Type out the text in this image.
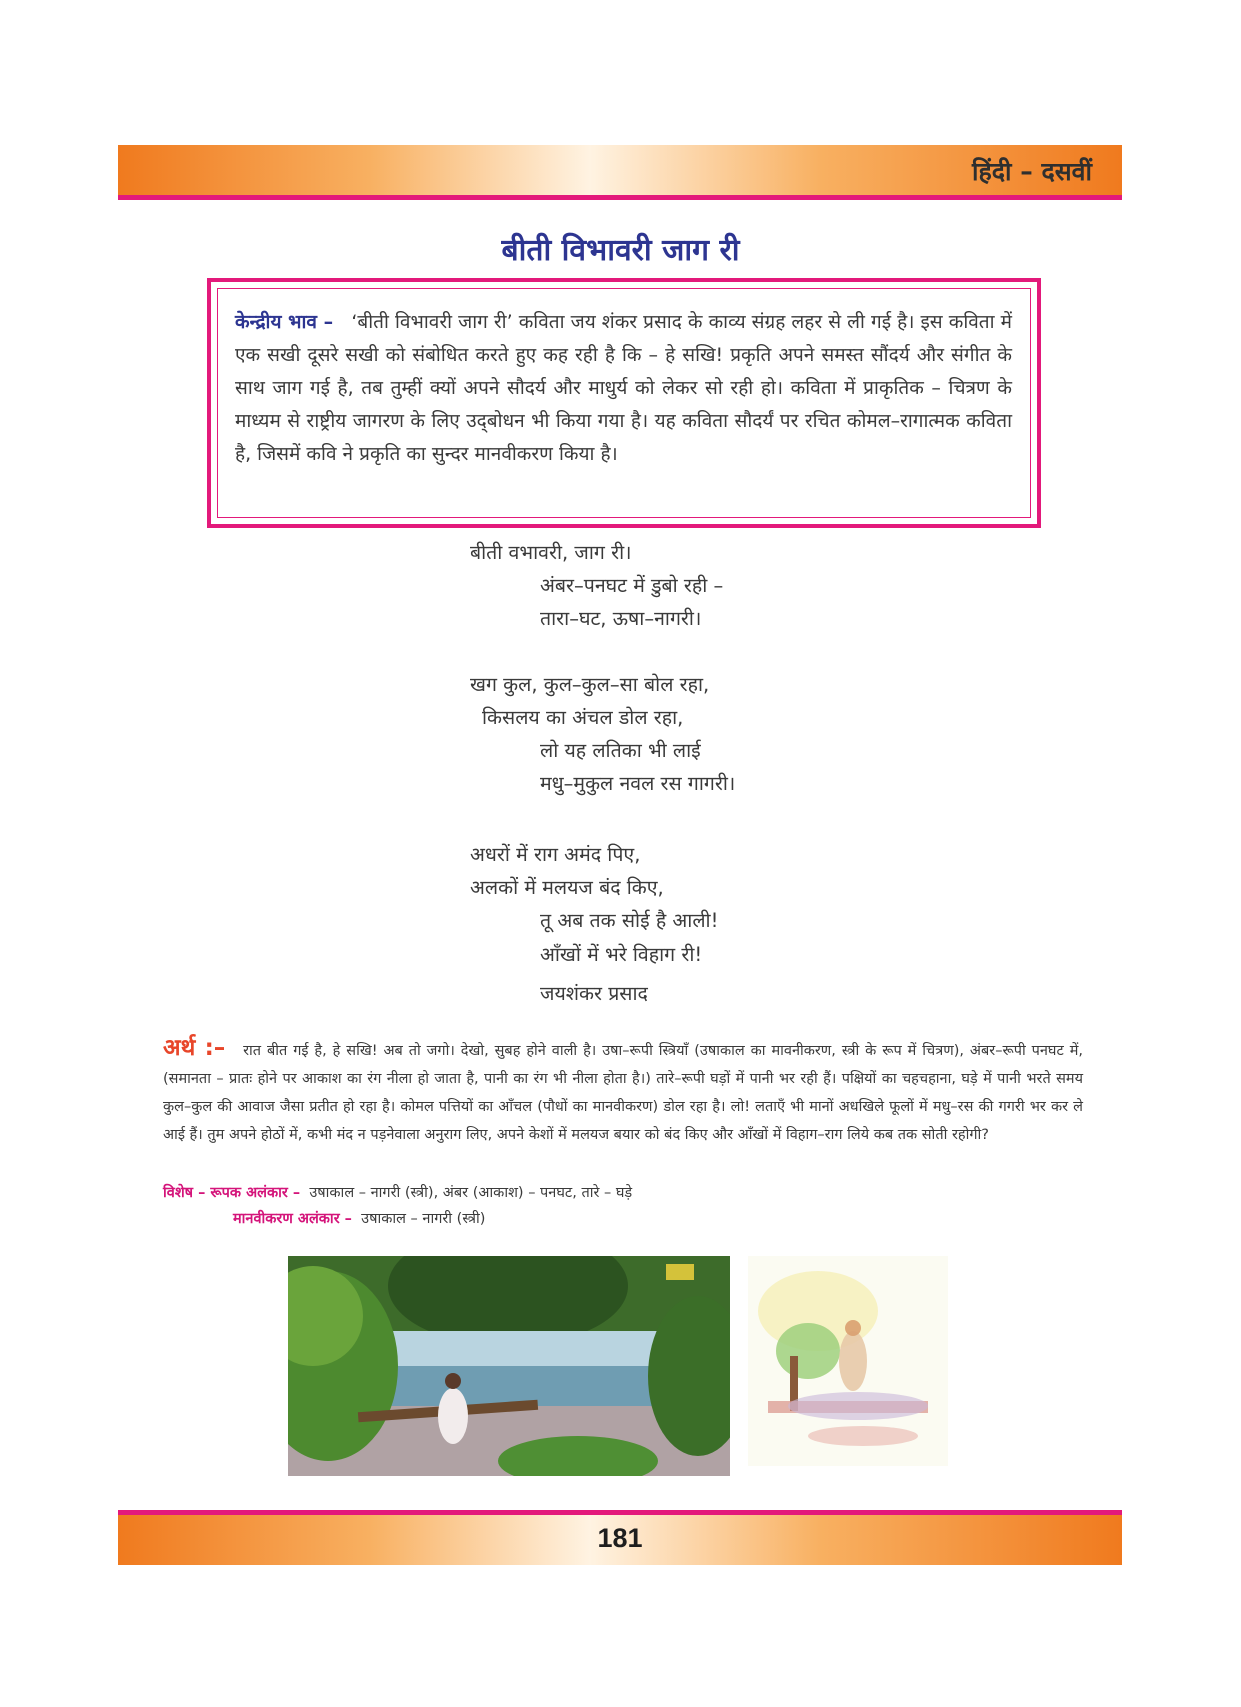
हिंदी – दसवीं
बीती विभावरी जाग री
केन्द्रीय भाव – ‘बीती विभावरी जाग री’ कविता जय शंकर प्रसाद के काव्य संग्रह लहर से ली गई है। इस कविता में एक सखी दूसरे सखी को संबोधित करते हुए कह रही है कि – हे सखि! प्रकृति अपने समस्त सौंदर्य और संगीत के साथ जाग गई है, तब तुम्हीं क्यों अपने सौदर्य और माधुर्य को लेकर सो रही हो। कविता में प्राकृतिक – चित्रण के माध्यम से राष्ट्रीय जागरण के लिए उद्‌बोधन भी किया गया है। यह कविता सौदर्यं पर रचित कोमल–रागात्मक कविता है, जिसमें कवि ने प्रकृति का सुन्दर मानवीकरण किया है।
बीती वभावरी, जाग री।
अंबर–पनघट में डुबो रही –
तारा–घट, ऊषा–नागरी।
खग कुल, कुल–कुल–सा बोल रहा,
किसलय का अंचल डोल रहा,
लो यह लतिका भी लाई
मधु–मुकुल नवल रस गागरी।
अधरों में राग अमंद पिए,
अलकों में मलयज बंद किए,
तू अब तक सोई है आली!
आँखों में भरे विहाग री!
जयशंकर प्रसाद
अर्थ :– रात बीत गई है, हे सखि! अब तो जगो। देखो, सुबह होने वाली है। उषा–रूपी स्त्रियाँ (उषाकाल का मावनीकरण, स्त्री के रूप में चित्रण), अंबर–रूपी पनघट में, (समानता – प्रातः होने पर आकाश का रंग नीला हो जाता है, पानी का रंग भी नीला होता है।) तारे–रूपी घड़ों में पानी भर रही हैं। पक्षियों का चहचहाना, घड़े में पानी भरते समय कुल–कुल की आवाज जैसा प्रतीत हो रहा है। कोमल पत्तियों का आँचल (पौधों का मानवीकरण) डोल रहा है। लो! लताएँ भी मानों अधखिले फूलों में मधु–रस की गगरी भर कर ले आई हैं। तुम अपने होठों में, कभी मंद न पड़नेवाला अनुराग लिए, अपने केशों में मलयज बयार को बंद किए और आँखों में विहाग–राग लिये कब तक सोती रहोगी?
विशेष – रूपक अलंकार – उषाकाल – नागरी (स्त्री), अंबर (आकाश) – पनघट, तारे – घड़े
मानवीकरण अलंकार – उषाकाल – नागरी (स्त्री)
181
